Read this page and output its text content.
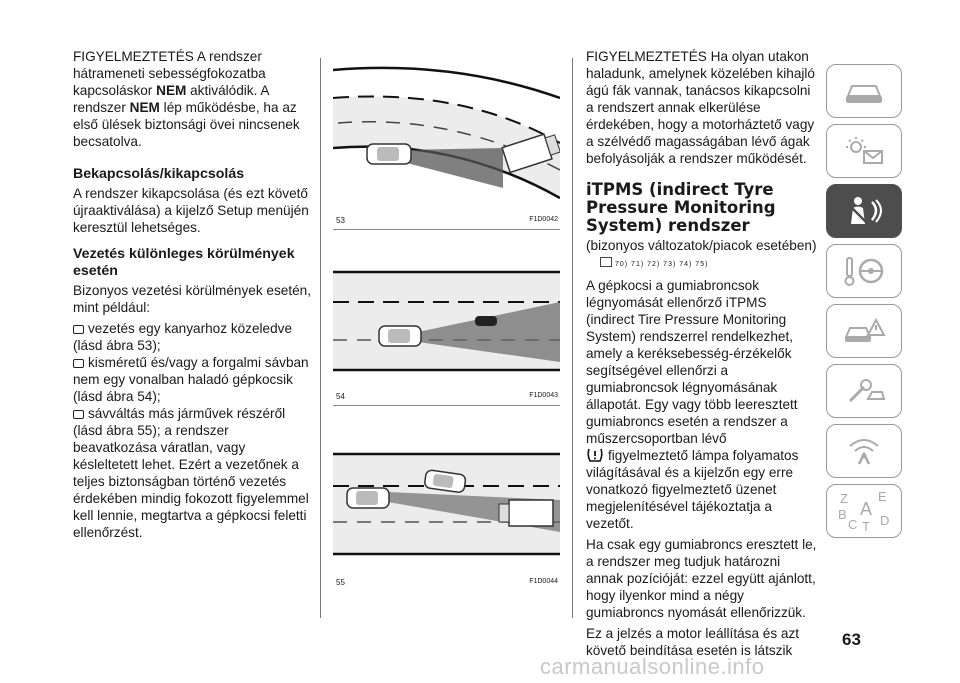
FIGYELMEZTETÉS A rendszer hátrameneti sebességfokozatba kapcsoláskor NEM aktiválódik. A rendszer NEM lép működésbe, ha az első ülések biztonsági övei nincsenek becsatolva.

Bekapcsolás/kikapcsolás

A rendszer kikapcsolása (és ezt követő újraaktiválása) a kijelző Setup menüjén keresztül lehetséges.

Vezetés különleges körülmények esetén

Bizonyos vezetési körülmények esetén, mint például:

vezetés egy kanyarhoz közeledve (lásd ábra 53);

kisméretű és/vagy a forgalmi sávban nem egy vonalban haladó gépkocsik (lásd ábra 54);

sávváltás más járművek részéről (lásd ábra 55); a rendszer beavatkozása váratlan, vagy késleltetett lehet. Ezért a vezetőnek a teljes biztonságban történő vezetés érdekében mindig fokozott figyelemmel kell lennie, megtartva a gépkocsi feletti ellenőrzést.

53	F1D0042
54	F1D0043
55	F1D0044

FIGYELMEZTETÉS Ha olyan utakon haladunk, amelynek közelében kihajló ágú fák vannak, tanácsos kikapcsolni a rendszert annak elkerülése érdekében, hogy a motorháztető vagy a szélvédő magasságában lévő ágak befolyásolják a rendszer működését.

iTPMS (indirect Tyre Pressure Monitoring System) rendszer

(bizonyos változatok/piacok esetében)

70) 71) 72) 73) 74) 75)

A gépkocsi a gumiabroncsok légnyomását ellenőrző iTPMS (indirect Tire Pressure Monitoring System) rendszerrel rendelkezhet, amely a keréksebesség-érzékelők segítségével ellenőrzi a gumiabroncsok légnyomásának állapotát. Egy vagy több leeresztett gumiabroncs esetén a rendszer a műszercsoportban lévő
figyelmeztető lámpa folyamatos világításával és a kijelzőn egy erre vonatkozó figyelmeztető üzenet megjelenítésével tájékoztatja a vezetőt.

Ha csak egy gumiabroncs eresztett le, a rendszer meg tudjuk határozni annak pozícióját: ezzel együtt ajánlott, hogy ilyenkor mind a négy gumiabroncs nyomását ellenőrizzük.

Ez a jelzés a motor leállítása és azt követő beindítása esetén is látszik

Z E
B A
C T D
63
carmanualsonline.info
